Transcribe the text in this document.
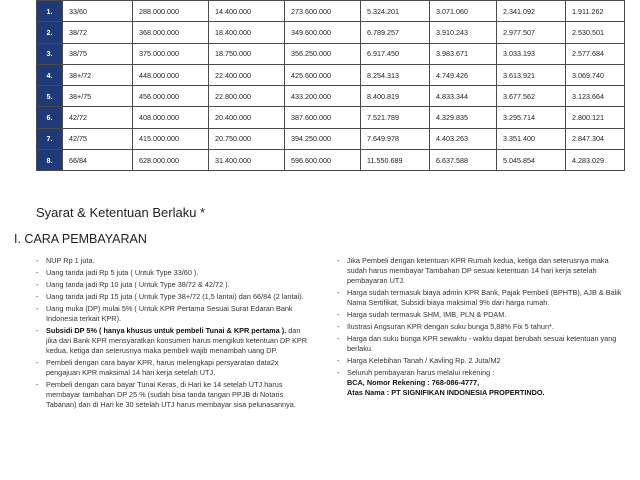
1.	33/60	288.000.000	14.400.000	273.600.000	5.324.201	3.071.060	2.341.092	1.911.262
2.	38/72	368.000.000	18.400.000	349.600.000	6.789.257	3.910.243	2.977.507	2.530.501
3.	38/75	375.000.000	18.750.000	356.250.000	6.917.450	3.983.671	3.033.193	2.577.684
4.	38+/72	448.000.000	22.400.000	425.600.000	8.254.313	4.749.426	3.613.921	3.069.740
5.	38+/75	456.000.000	22.800.000	433.200.000	8.400.819	4.833.344	3.677.562	3.123.664
6.	42/72	408.000.000	20.400.000	387.600.000	7.521.789	4.329.835	3.295.714	2.800.121
7.	42/75	415.000.000	20.750.000	394.250.000	7.649.978	4.403.263	3.351.400	2.847.304
8.	66/84	628.000.000	31.400.000	596.600.000	11.550.689	6.637.588	5.045.854	4.283.029
Syarat & Ketentuan Berlaku *
I. CARA PEMBAYARAN
- NUP Rp 1 juta.
- Uang tanda jadi Rp 5 juta ( Untuk Type 33/60 ).
- Uang tanda jadi Rp 10 juta ( Untuk Type 38/72 & 42/72 ).
- Uang tanda jadi Rp 15 juta ( Untuk Type 38+/72 (1,5 lantai) dan 66/84 (2 lantai).
- Uang muka (DP) mulai 5% ( Untuk KPR Pertama Sesuai Surat Edaran Bank Indonesia terkait KPR).
- Subsidi DP 5% ( hanya khusus untuk pembeli Tunai & KPR pertama ). dan jika dari Bank KPR mensyaratkan konsumen harus mengikuti ketentuan DP KPR kedua, ketiga dan seterusnya maka pembeli wajib menambah uang DP.
- Pembeli dengan cara bayar KPR, harus melengkapi persyaratan data2x pengajuan KPR maksimal 14 hari kerja setelah UTJ.
- Pembeli dengan cara bayar Tunai Keras, di Hari ke 14 setelah UTJ harus membayar tambahan DP 25 % (sudah bisa tanda tangan PPJB di Notaris Tabanan) dan di Hari ke 30 setelah UTJ harus membayar sisa pelunasannya.
- Jika Pembeli dengan ketentuan KPR Rumah kedua, ketiga dan seterusnya maka sudah harus membayar Tambahan DP sesuai ketentuan 14 hari kerja setelah pembayaran UTJ.
- Harga sudah termasuk biaya admin KPR Bank, Pajak Pembeli (BPHTB), AJB & Balik Nama Sertifikat, Subsidi biaya maksimal 9% dari harga rumah.
- Harga sudah termasuk SHM, IMB, PLN & PDAM.
- Ilustrasi Angsuran KPR dengan suku bunga 5,88% Fix 5 tahun*.
- Harga dan suku bunga KPR sewaktu - waktu dapat berubah sesuai ketentuan yang berlaku.
- Harga Kelebihan Tanah / Kavling Rp. 2 Juta/M2
- Seluruh pembayaran harus melalui rekening :
BCA, Nomor Rekening : 768-086-4777,
Atas Nama : PT SIGNIFIKAN INDONESIA PROPERTINDO.
